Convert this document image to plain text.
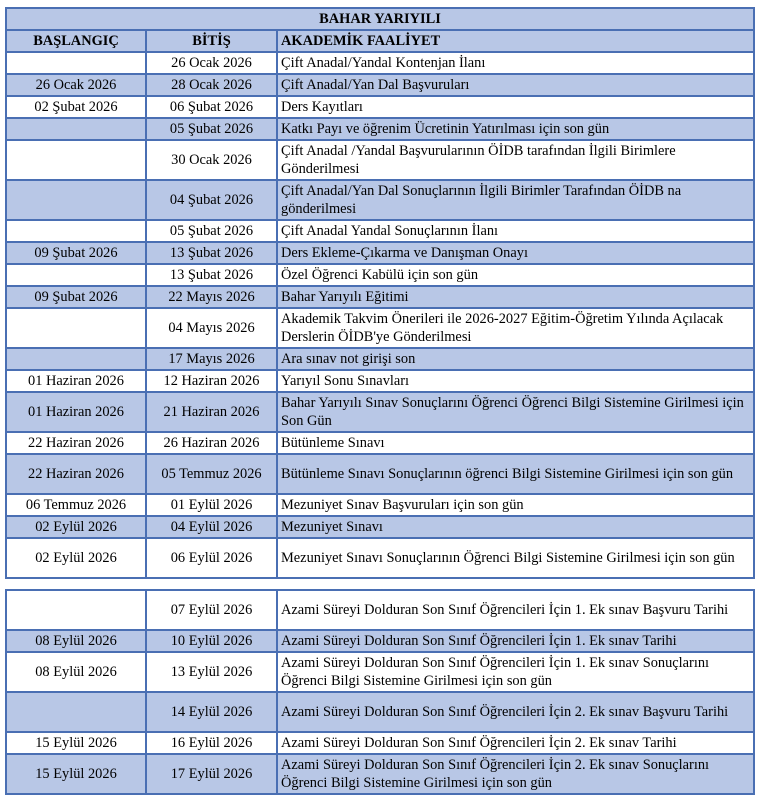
BAHAR YARIYILI		
BAŞLANGIÇ	BİTİŞ	AKADEMİK FAALİYET
	26 Ocak 2026	Çift Anadal/Yandal Kontenjan İlanı
26 Ocak 2026	28 Ocak 2026	Çift Anadal/Yan Dal Başvuruları
02 Şubat 2026	06 Şubat 2026	Ders Kayıtları
	05 Şubat 2026	Katkı Payı ve öğrenim Ücretinin Yatırılması için son gün
	30 Ocak 2026	Çift Anadal /Yandal Başvurularının ÖİDB tarafından İlgili Birimlere Gönderilmesi
	04 Şubat 2026	Çift Anadal/Yan Dal Sonuçlarının İlgili Birimler Tarafından ÖİDB na gönderilmesi
	05 Şubat 2026	Çift Anadal Yandal Sonuçlarının İlanı
09 Şubat 2026	13 Şubat 2026	Ders Ekleme-Çıkarma ve Danışman Onayı
	13 Şubat 2026	Özel Öğrenci Kabülü için son gün
09 Şubat 2026	22 Mayıs 2026	Bahar Yarıyılı Eğitimi
	04 Mayıs 2026	Akademik Takvim Önerileri ile 2026-2027 Eğitim-Öğretim Yılında Açılacak Derslerin ÖİDB'ye Gönderilmesi
	17 Mayıs 2026	Ara sınav not girişi son
01 Haziran 2026	12 Haziran 2026	Yarıyıl Sonu Sınavları
01 Haziran 2026	21 Haziran 2026	Bahar Yarıyılı Sınav Sonuçlarını Öğrenci Öğrenci Bilgi Sistemine Girilmesi için Son Gün
22 Haziran 2026	26 Haziran 2026	Bütünleme Sınavı
22 Haziran 2026	05 Temmuz 2026	Bütünleme Sınavı Sonuçlarının öğrenci Bilgi Sistemine Girilmesi için son gün
06 Temmuz 2026	01 Eylül 2026	Mezuniyet Sınav Başvuruları için son gün
02 Eylül 2026	04 Eylül 2026	Mezuniyet Sınavı
02 Eylül 2026	06 Eylül 2026	Mezuniyet Sınavı Sonuçlarının Öğrenci Bilgi Sistemine Girilmesi için son gün
	07 Eylül 2026	Azami Süreyi Dolduran Son Sınıf Öğrencileri İçin 1. Ek sınav Başvuru Tarihi
08 Eylül 2026	10 Eylül 2026	Azami Süreyi Dolduran Son Sınıf Öğrencileri İçin 1. Ek sınav Tarihi
08 Eylül 2026	13 Eylül 2026	Azami Süreyi Dolduran Son Sınıf Öğrencileri İçin 1. Ek sınav Sonuçlarını Öğrenci Bilgi Sistemine Girilmesi için son gün
	14 Eylül 2026	Azami Süreyi Dolduran Son Sınıf Öğrencileri İçin 2. Ek sınav Başvuru Tarihi
15 Eylül 2026	16 Eylül 2026	Azami Süreyi Dolduran Son Sınıf Öğrencileri İçin 2. Ek sınav Tarihi
15 Eylül 2026	17 Eylül 2026	Azami Süreyi Dolduran Son Sınıf Öğrencileri İçin 2. Ek sınav Sonuçlarını Öğrenci Bilgi Sistemine Girilmesi için son gün
